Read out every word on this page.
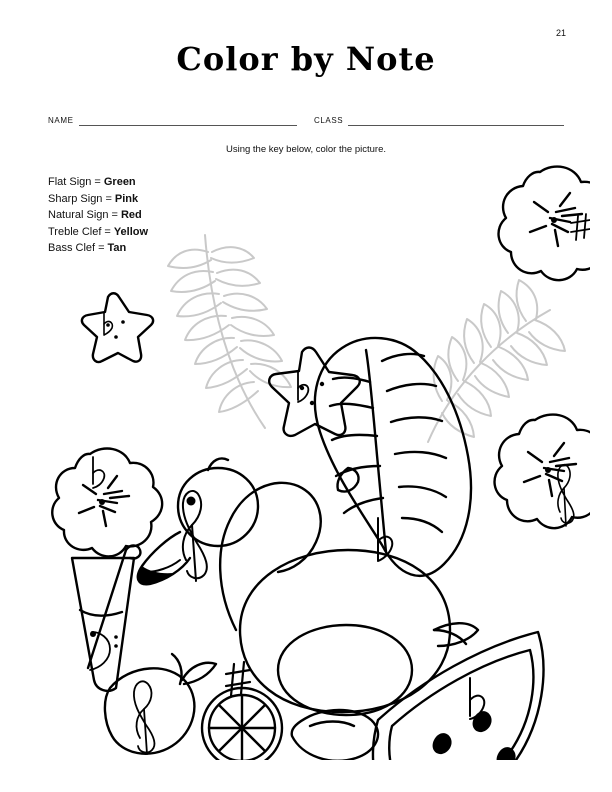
21
Color by Note
NAME	CLASS
Using the key below, color the picture.
Flat Sign = Green
Sharp Sign = Pink
Natural Sign = Red
Treble Clef = Yellow
Bass Clef = Tan
